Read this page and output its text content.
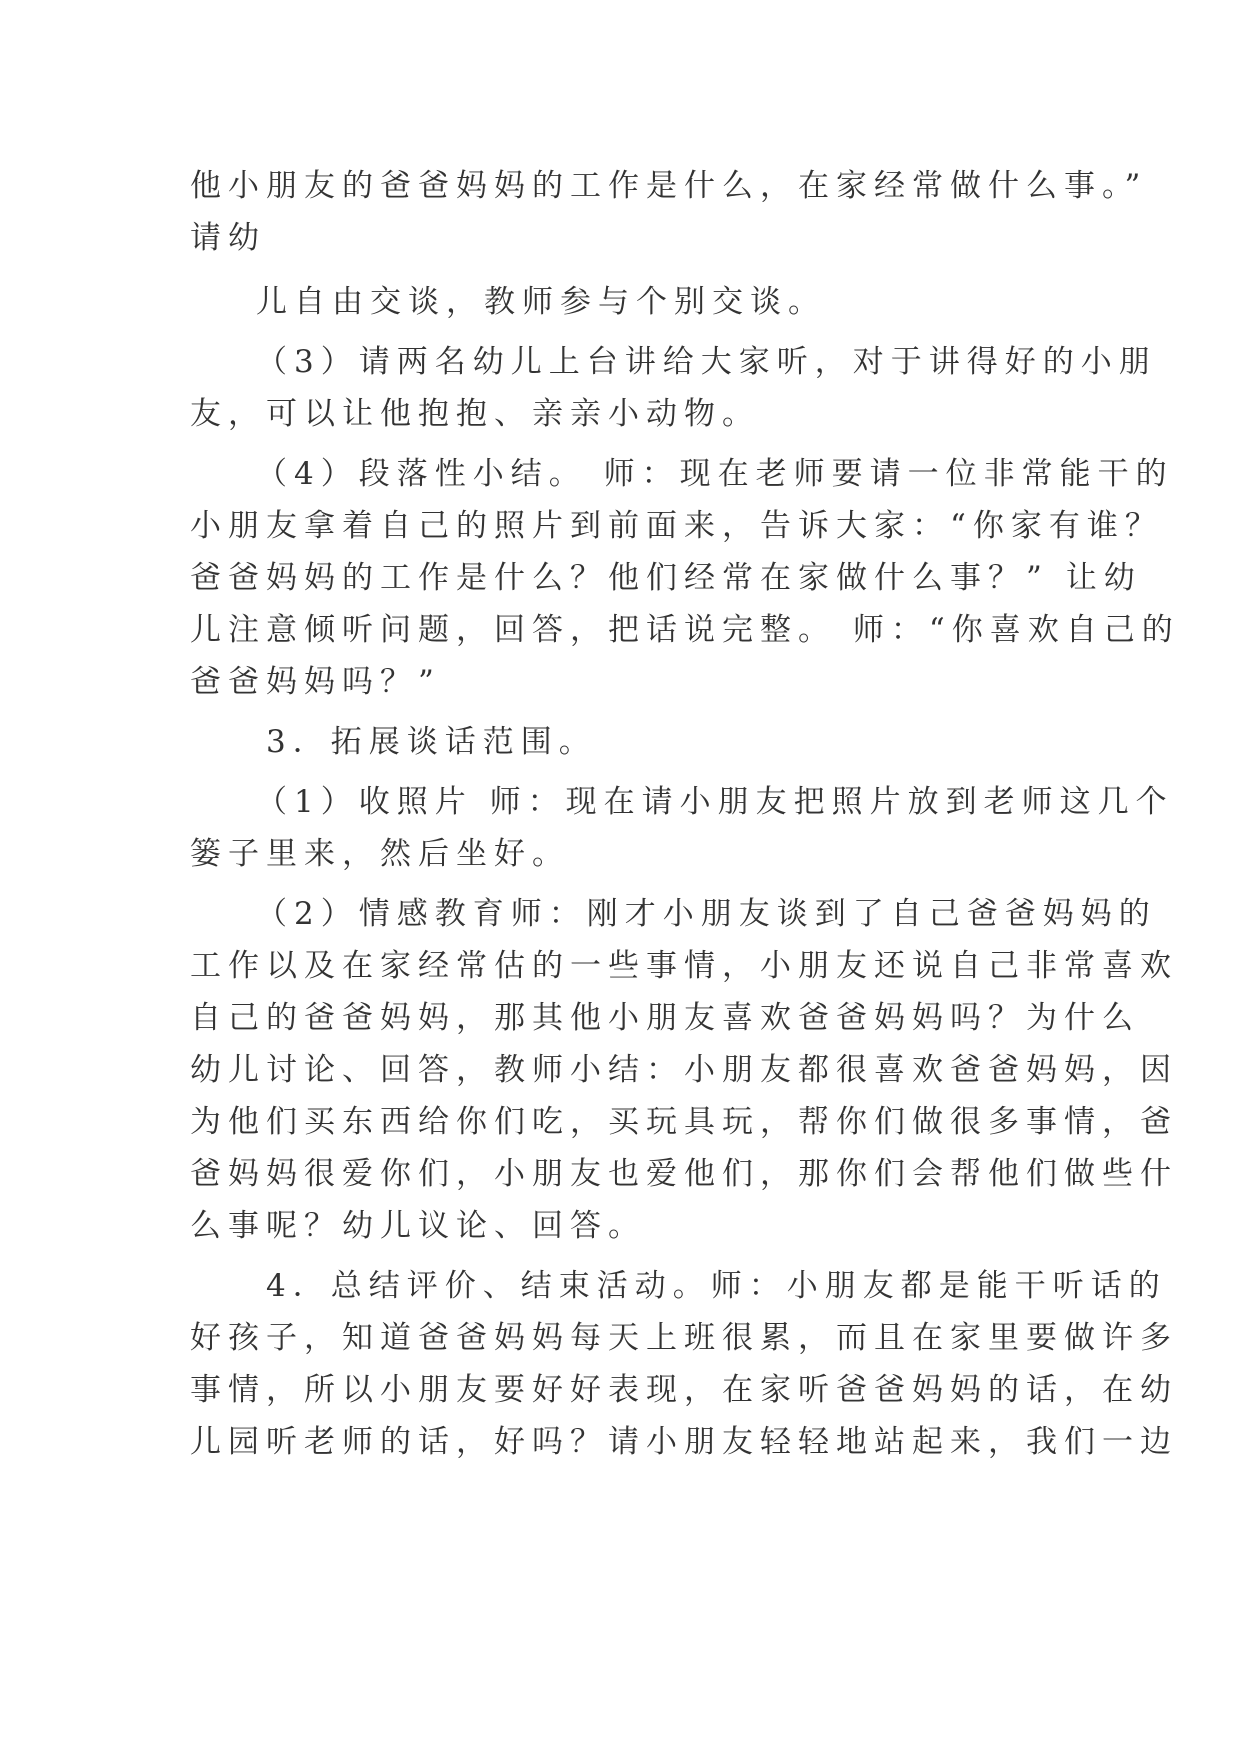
他小朋友的爸爸妈妈的工作是什么，在家经常做什么事。”
请幼
儿自由交谈，教师参与个别交谈。
（3）请两名幼儿上台讲给大家听，对于讲得好的小朋
友，可以让他抱抱、亲亲小动物。
（4）段落性小结。 师：现在老师要请一位非常能干的
小朋友拿着自己的照片到前面来，告诉大家：“你家有谁？
爸爸妈妈的工作是什么？他们经常在家做什么事？” 让幼
儿注意倾听问题，回答，把话说完整。 师：“你喜欢自己的
爸爸妈妈吗？”
3．拓展谈话范围。
（1）收照片 师：现在请小朋友把照片放到老师这几个
篓子里来，然后坐好。
（2）情感教育师：刚才小朋友谈到了自己爸爸妈妈的
工作以及在家经常估的一些事情，小朋友还说自己非常喜欢
自己的爸爸妈妈，那其他小朋友喜欢爸爸妈妈吗？为什么
幼儿讨论、回答，教师小结：小朋友都很喜欢爸爸妈妈，因
为他们买东西给你们吃，买玩具玩，帮你们做很多事情，爸
爸妈妈很爱你们，小朋友也爱他们，那你们会帮他们做些什
么事呢？幼儿议论、回答。
4．总结评价、结束活动。师：小朋友都是能干听话的
好孩子，知道爸爸妈妈每天上班很累，而且在家里要做许多
事情，所以小朋友要好好表现，在家听爸爸妈妈的话，在幼
儿园听老师的话，好吗？请小朋友轻轻地站起来，我们一边
